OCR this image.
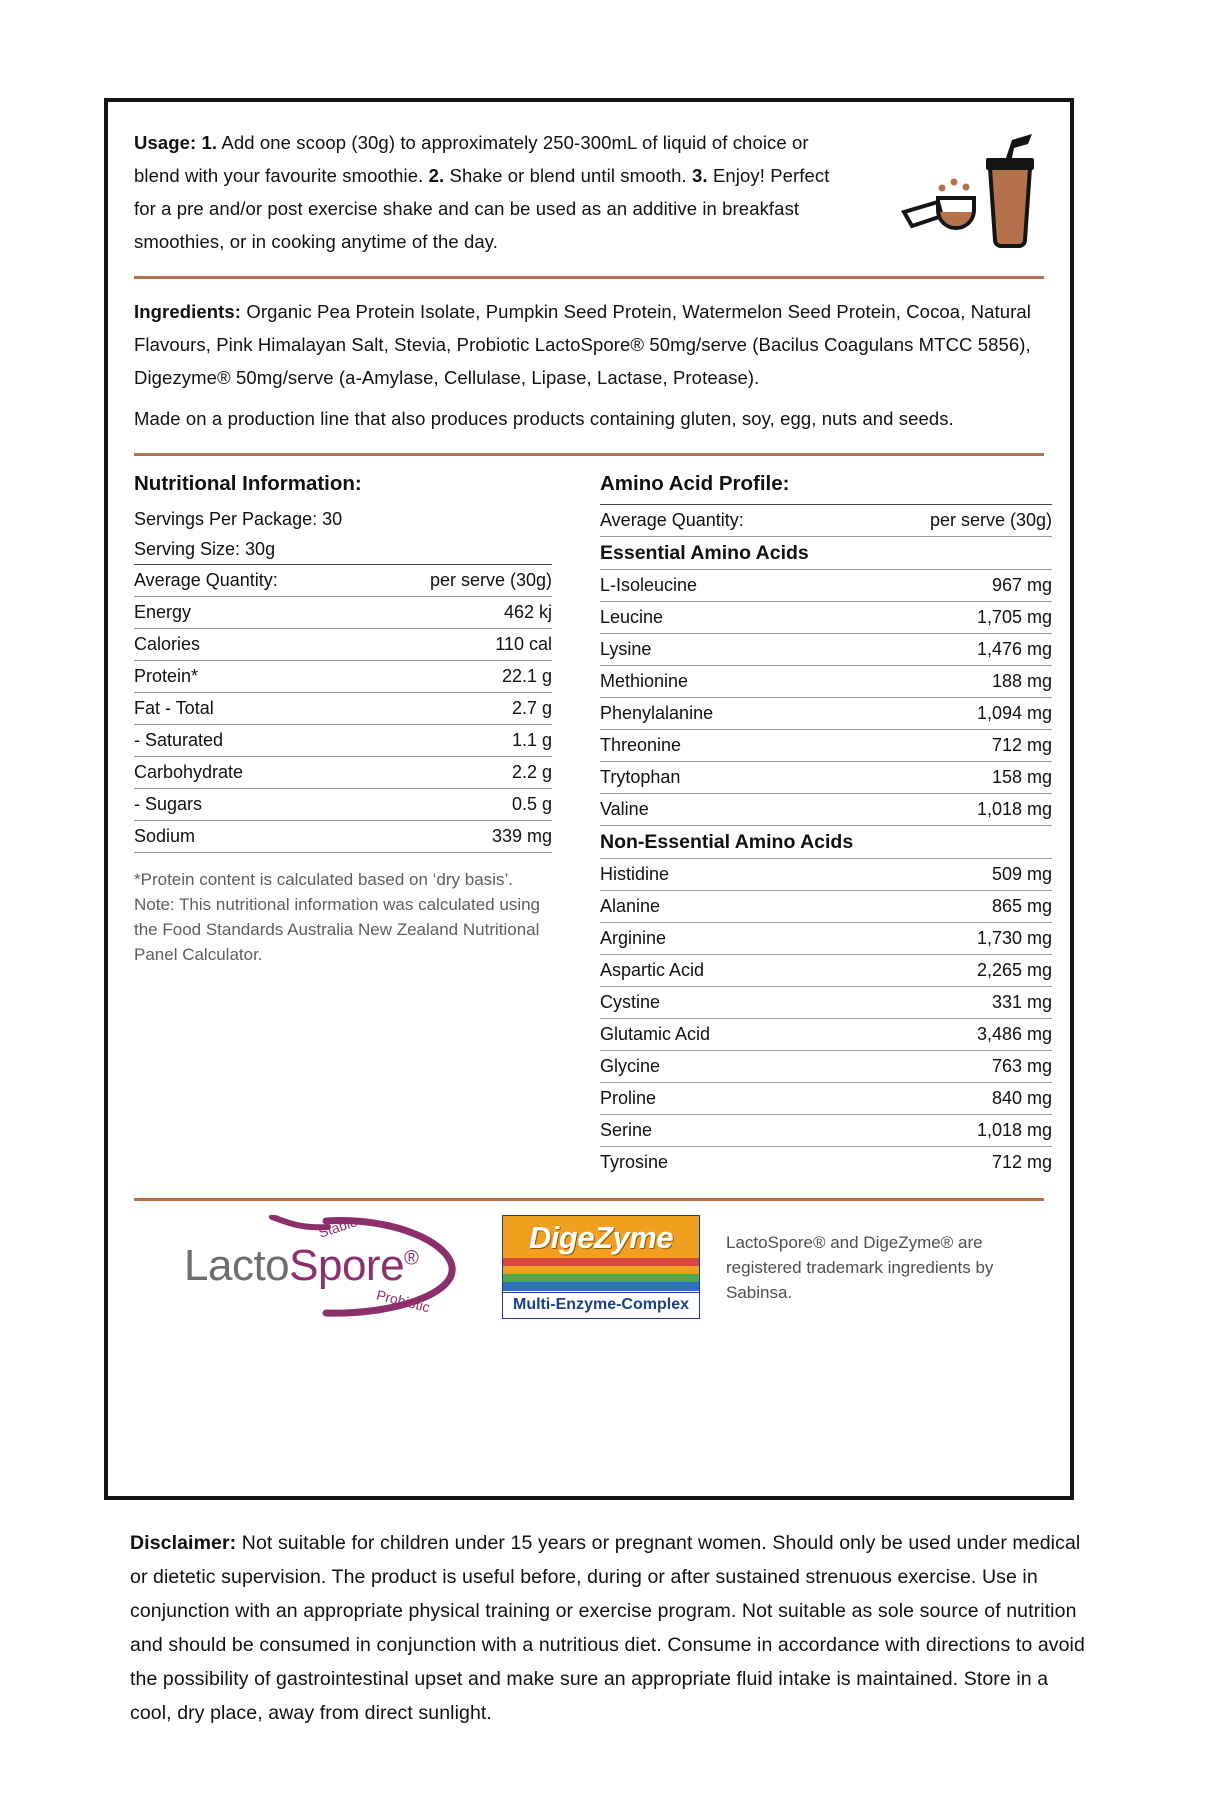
Usage: 1. Add one scoop (30g) to approximately 250-300mL of liquid of choice or blend with your favourite smoothie. 2. Shake or blend until smooth. 3. Enjoy! Perfect for a pre and/or post exercise shake and can be used as an additive in breakfast smoothies, or in cooking anytime of the day.
Ingredients: Organic Pea Protein Isolate, Pumpkin Seed Protein, Watermelon Seed Protein, Cocoa, Natural Flavours, Pink Himalayan Salt, Stevia, Probiotic LactoSpore® 50mg/serve (Bacilus Coagulans MTCC 5856), Digezyme® 50mg/serve (a-Amylase, Cellulase, Lipase, Lactase, Protease).
Made on a production line that also produces products containing gluten, soy, egg, nuts and seeds.
Nutritional Information:
Servings Per Package: 30
Serving Size: 30g
Average Quantity:	per serve (30g)
Energy	462 kj
Calories	110 cal
Protein*	22.1 g
Fat - Total	2.7 g
- Saturated	1.1 g
Carbohydrate	2.2 g
- Sugars	0.5 g
Sodium	339 mg
*Protein content is calculated based on ‘dry basis’. Note: This nutritional information was calculated using the Food Standards Australia New Zealand Nutritional Panel Calculator.
Amino Acid Profile:
Average Quantity:	per serve (30g)
Essential Amino Acids	
L-Isoleucine	967 mg
Leucine	1,705 mg
Lysine	1,476 mg
Methionine	188 mg
Phenylalanine	1,094 mg
Threonine	712 mg
Trytophan	158 mg
Valine	1,018 mg
Non-Essential Amino Acids	
Histidine	509 mg
Alanine	865 mg
Arginine	1,730 mg
Aspartic Acid	2,265 mg
Cystine	331 mg
Glutamic Acid	3,486 mg
Glycine	763 mg
Proline	840 mg
Serine	1,018 mg
Tyrosine	712 mg
LactoSpore®
Stable
Probiotic
DigeZyme
Multi-Enzyme-Complex
LactoSpore® and DigeZyme® are registered trademark ingredients by Sabinsa.
Disclaimer: Not suitable for children under 15 years or pregnant women. Should only be used under medical or dietetic supervision. The product is useful before, during or after sustained strenuous exercise. Use in conjunction with an appropriate physical training or exercise program. Not suitable as sole source of nutrition and should be consumed in conjunction with a nutritious diet. Consume in accordance with directions to avoid the possibility of gastrointestinal upset and make sure an appropriate fluid intake is maintained. Store in a cool, dry place, away from direct sunlight.
